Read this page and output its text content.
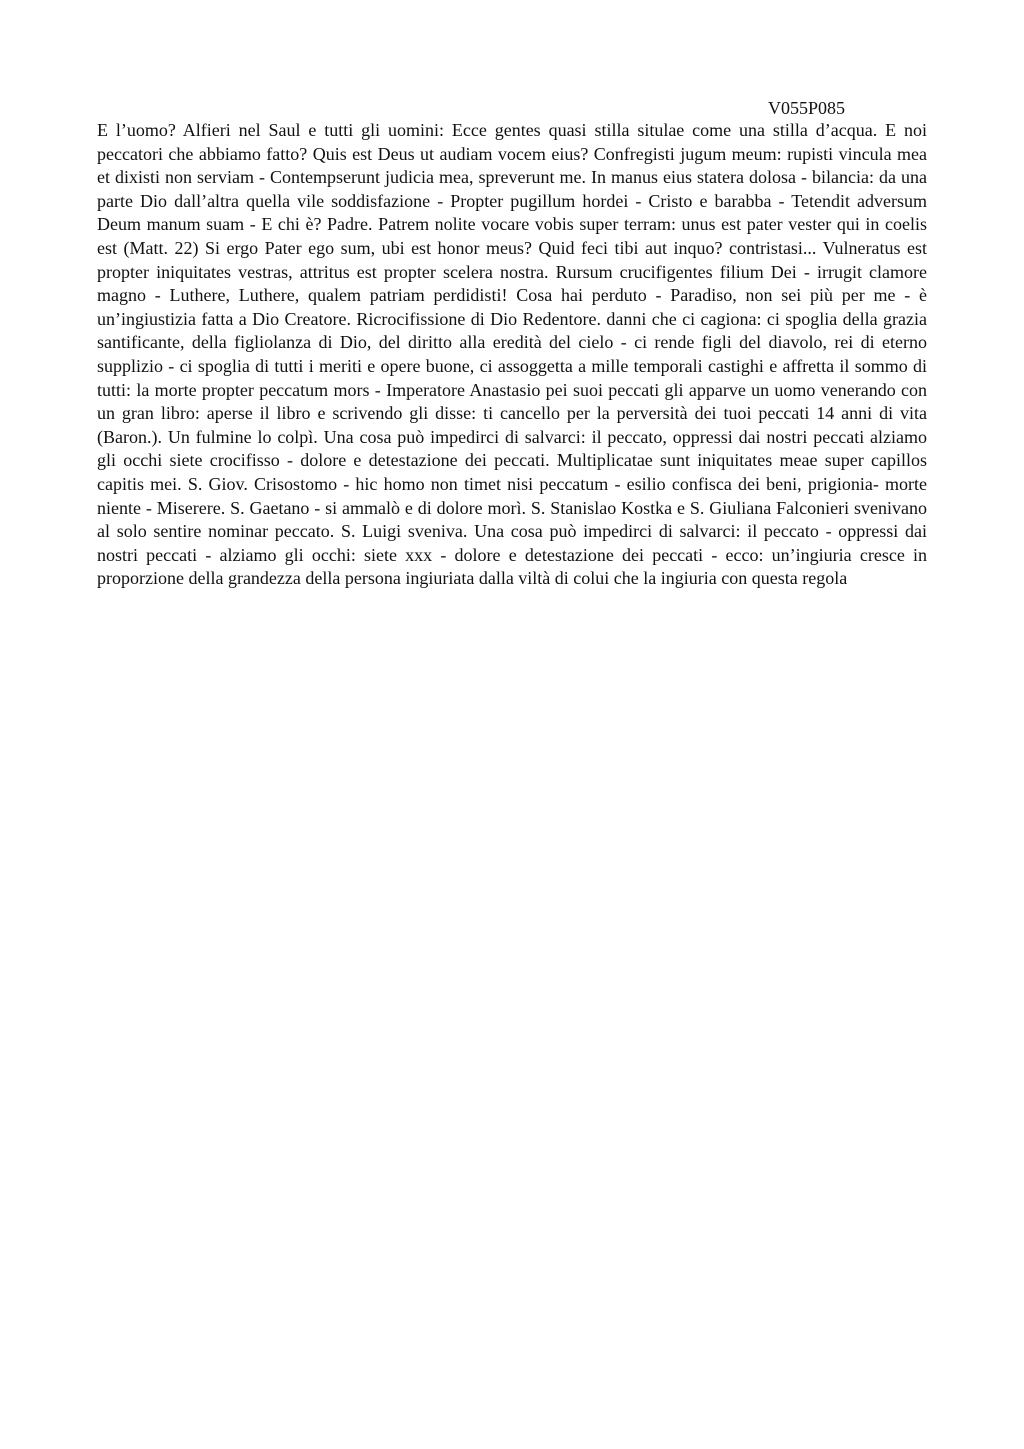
V055P085

E l’uomo? Alfieri nel Saul e tutti gli uomini: Ecce gentes quasi stilla situlae come una stilla d’acqua. E noi peccatori che abbiamo fatto? Quis est Deus ut audiam vocem eius? Confregisti jugum meum: rupisti vincula mea et dixisti non serviam - Contempserunt judicia mea, spreverunt me. In manus eius statera dolosa - bilancia: da una parte Dio dall’altra quella vile soddisfazione - Propter pugillum hordei - Cristo e barabba - Tetendit adversum Deum manum suam - E chi è? Padre. Patrem nolite vocare vobis super terram: unus est pater vester qui in coelis est (Matt. 22) Si ergo Pater ego sum, ubi est honor meus? Quid feci tibi aut inquo? contristasi... Vulneratus est propter iniquitates vestras, attritus est propter scelera nostra. Rursum crucifigentes filium Dei - irrugit clamore magno - Luthere, Luthere, qualem patriam perdidisti! Cosa hai perduto - Paradiso, non sei più per me - è un’ingiustizia fatta a Dio Creatore. Ricrocifissione di Dio Redentore. danni che ci cagiona: ci spoglia della grazia santificante, della figliolanza di Dio, del diritto alla eredità del cielo - ci rende figli del diavolo, rei di eterno supplizio - ci spoglia di tutti i meriti e opere buone, ci assoggetta a mille temporali castighi e affretta il sommo di tutti: la morte propter peccatum mors - Imperatore Anastasio pei suoi peccati gli apparve un uomo venerando con un gran libro: aperse il libro e scrivendo gli disse: ti cancello per la perversità dei tuoi peccati 14 anni di vita (Baron.). Un fulmine lo colpì. Una cosa può impedirci di salvarci: il peccato, oppressi dai nostri peccati alziamo gli occhi siete crocifisso - dolore e detestazione dei peccati. Multiplicatae sunt iniquitates meae super capillos capitis mei. S. Giov. Crisostomo - hic homo non timet nisi peccatum - esilio confisca dei beni, prigionia- morte niente - Miserere. S. Gaetano - si ammalò e di dolore morì. S. Stanislao Kostka e S. Giuliana Falconieri svenivano al solo sentire nominar peccato. S. Luigi sveniva. Una cosa può impedirci di salvarci: il peccato - oppressi dai nostri peccati - alziamo gli occhi: siete xxx - dolore e detestazione dei peccati - ecco: un’ingiuria cresce in proporzione della grandezza della persona ingiuriata dalla viltà di colui che la ingiuria con questa regola
